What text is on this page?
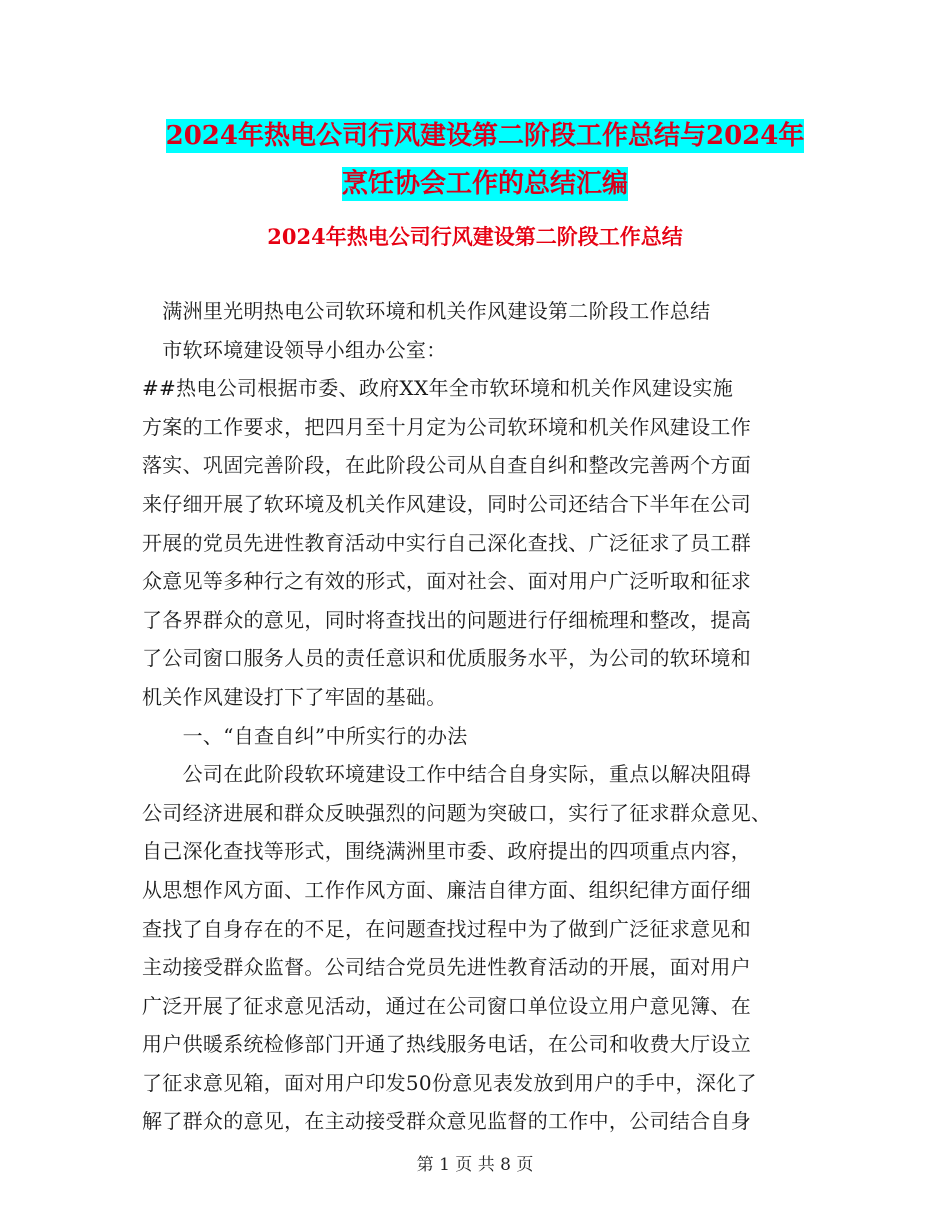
2024年热电公司行风建设第二阶段工作总结与2024年
烹饪协会工作的总结汇编
2024年热电公司行风建设第二阶段工作总结

　满洲里光明热电公司软环境和机关作风建设第二阶段工作总结

　市软环境建设领导小组办公室：

##热电公司根据市委、政府XX年全市软环境和机关作风建设实施

方案的工作要求，把四月至十月定为公司软环境和机关作风建设工作

落实、巩固完善阶段，在此阶段公司从自查自纠和整改完善两个方面

来仔细开展了软环境及机关作风建设，同时公司还结合下半年在公司

开展的党员先进性教育活动中实行自己深化查找、广泛征求了员工群

众意见等多种行之有效的形式，面对社会、面对用户广泛听取和征求

了各界群众的意见，同时将查找出的问题进行仔细梳理和整改，提高

了公司窗口服务人员的责任意识和优质服务水平，为公司的软环境和

机关作风建设打下了牢固的基础。

　　一、“自查自纠”中所实行的办法

　　公司在此阶段软环境建设工作中结合自身实际，重点以解决阻碍

公司经济进展和群众反映强烈的问题为突破口，实行了征求群众意见、

自己深化查找等形式，围绕满洲里市委、政府提出的四项重点内容，

从思想作风方面、工作作风方面、廉洁自律方面、组织纪律方面仔细

查找了自身存在的不足，在问题查找过程中为了做到广泛征求意见和

主动接受群众监督。公司结合党员先进性教育活动的开展，面对用户

广泛开展了征求意见活动，通过在公司窗口单位设立用户意见簿、在

用户供暖系统检修部门开通了热线服务电话，在公司和收费大厅设立

了征求意见箱，面对用户印发50份意见表发放到用户的手中，深化了

解了群众的意见，在主动接受群众意见监督的工作中，公司结合自身

第 1 页 共 8 页
